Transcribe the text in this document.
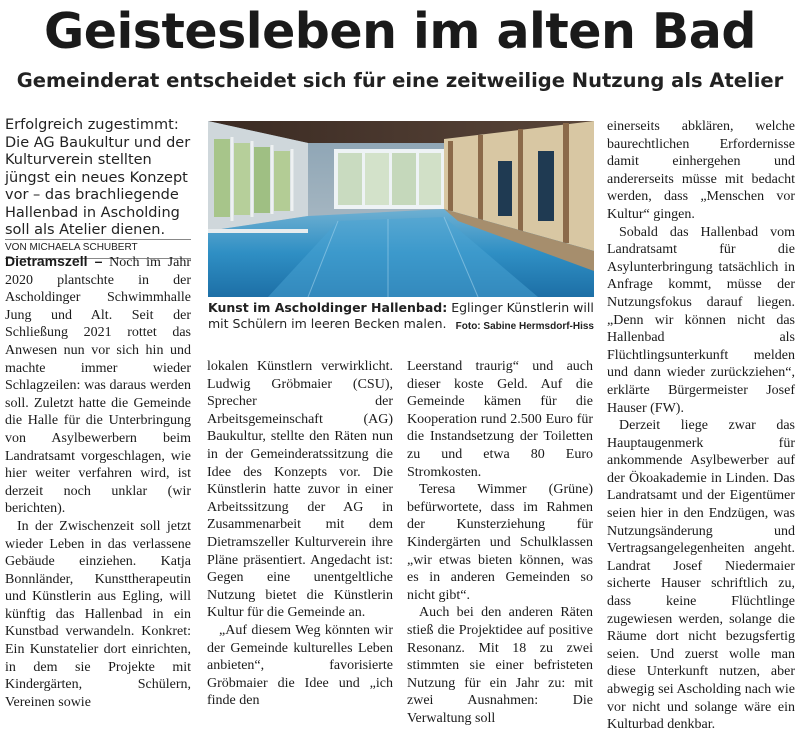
Geistesleben im alten Bad
Gemeinderat entscheidet sich für eine zeitweilige Nutzung als Atelier

Erfolgreich zugestimmt: Die AG Baukultur und der Kulturverein stellten jüngst ein neues Konzept vor – das brachliegende Hallenbad in Ascholding soll als Atelier dienen.

VON MICHAELA SCHUBERT

Dietramszell – Noch im Jahr 2020 plantschte in der Ascholdinger Schwimmhalle Jung und Alt. Seit der Schließung 2021 rottet das Anwesen nun vor sich hin und machte immer wieder Schlagzeilen: was daraus werden soll. Zuletzt hatte die Gemeinde die Halle für die Unterbringung von Asylbewerbern beim Landratsamt vorgeschlagen, wie hier weiter verfahren wird, ist derzeit noch unklar (wir berichten).

In der Zwischenzeit soll jetzt wieder Leben in das verlassene Gebäude einziehen. Katja Bonnländer, Kunsttherapeutin und Künstlerin aus Egling, will künftig das Hallenbad in ein Kunstbad verwandeln. Konkret: Ein Kunstatelier dort einrichten, in dem sie Projekte mit Kindergärten, Schülern, Vereinen sowie

Kunst im Ascholdinger Hallenbad: Eglinger Künstlerin will mit Schülern im leeren Becken malen. Foto: Sabine Hermsdorf-Hiss

lokalen Künstlern verwirklicht. Ludwig Gröbmaier (CSU), Sprecher der Arbeitsgemeinschaft (AG) Baukultur, stellte den Räten nun in der Gemeinderatssitzung die Idee des Konzepts vor. Die Künstlerin hatte zuvor in einer Arbeitssitzung der AG in Zusammenarbeit mit dem Dietramszeller Kulturverein ihre Pläne präsentiert. Angedacht ist: Gegen eine unentgeltliche Nutzung bietet die Künstlerin Kultur für die Gemeinde an.

„Auf diesem Weg könnten wir der Gemeinde kulturelles Leben anbieten“, favorisierte Gröbmaier die Idee und „ich finde den

Leerstand traurig“ und auch dieser koste Geld. Auf die Gemeinde kämen für die Kooperation rund 2.500 Euro für die Instandsetzung der Toiletten zu und etwa 80 Euro Stromkosten.

Teresa Wimmer (Grüne) befürwortete, dass im Rahmen der Kunsterziehung für Kindergärten und Schulklassen „wir etwas bieten können, was es in anderen Gemeinden so nicht gibt“.

Auch bei den anderen Räten stieß die Projektidee auf positive Resonanz. Mit 18 zu zwei stimmten sie einer befristeten Nutzung für ein Jahr zu: mit zwei Ausnahmen: Die Verwaltung soll

einerseits abklären, welche baurechtlichen Erfordernisse damit einhergehen und andererseits müsse mit bedacht werden, dass „Menschen vor Kultur“ gingen.

Sobald das Hallenbad vom Landratsamt für die Asylunterbringung tatsächlich in Anfrage kommt, müsse der Nutzungsfokus darauf liegen. „Denn wir können nicht das Hallenbad als Flüchtlingsunterkunft melden und dann wieder zurückziehen“, erklärte Bürgermeister Josef Hauser (FW).

Derzeit liege zwar das Hauptaugenmerk für ankommende Asylbewerber auf der Ökoakademie in Linden. Das Landratsamt und der Eigentümer seien hier in den Endzügen, was Nutzungsänderung und Vertragsangelegenheiten angeht. Landrat Josef Niedermaier sicherte Hauser schriftlich zu, dass keine Flüchtlinge zugewiesen werden, solange die Räume dort nicht bezugsfertig seien. Und zuerst wolle man diese Unterkunft nutzen, aber abwegig sei Ascholding nach wie vor nicht und solange wäre ein Kulturbad denkbar.
